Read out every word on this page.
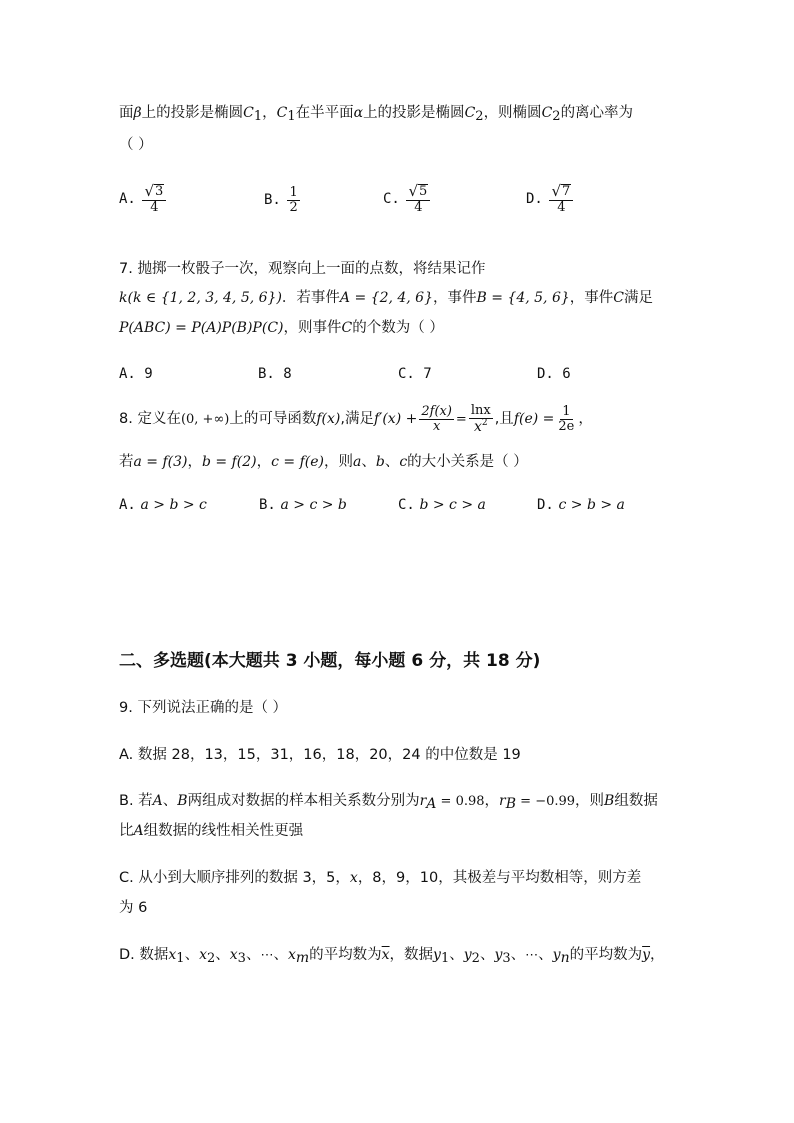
面β上的投影是椭圆$C_1$，$C_1$在半平面α上的投影是椭圆$C_2$，则椭圆$C_2$的离心率为
（ ）
A. $\frac{√ 3}{4}$	B. $\frac{1}{2}$	C. $\frac{√ 5}{4}$	D. $\frac{√ 7}{4}$
7. 抛掷一枚骰子一次，观察向上一面的点数，将结果记作
k(k ∈ {1, 2, 3, 4, 5, 6})．若事件A = {2, 4, 6}，事件B = {4, 5, 6}，事件C满足
P(ABC) = P(A)P(B)P(C)，则事件C的个数为（ ）
A. 9	B. 8	C. 7	D. 6
8. 定义在(0, +∞)上的可导函数f(x),满足$f'(x) + \frac{2f(x)}{x} = \frac{\ln x}{x^2}$ ,且$f(e) = \frac{1}{2e}$ ，
若a = f(3)，b = f(2)，c = f(e)，则a、b、c的大小关系是（ ）
A. a > b > c	B. a > c > b	C. b > c > a	D. c > b > a
二、多选题(本大题共 3 小题，每小题 6 分，共 18 分)
9. 下列说法正确的是（ ）
A. 数据 28，13，15，31，16，18，20，24 的中位数是 19
B. 若A、B两组成对数据的样本相关系数分别为$r_A = 0.98$，$r_B = -0.99$，则B组数据
比A组数据的线性相关性更强
C. 从小到大顺序排列的数据 3，5，x，8，9，10，其极差与平均数相等，则方差
为 6
D. 数据$x_1$、$x_2$、$x_3$、⋯、$x_m$的平均数为$\overline{x}$，数据$y_1$、$y_2$、$y_3$、⋯、$y_n$的平均数为$\overline{y}$，
